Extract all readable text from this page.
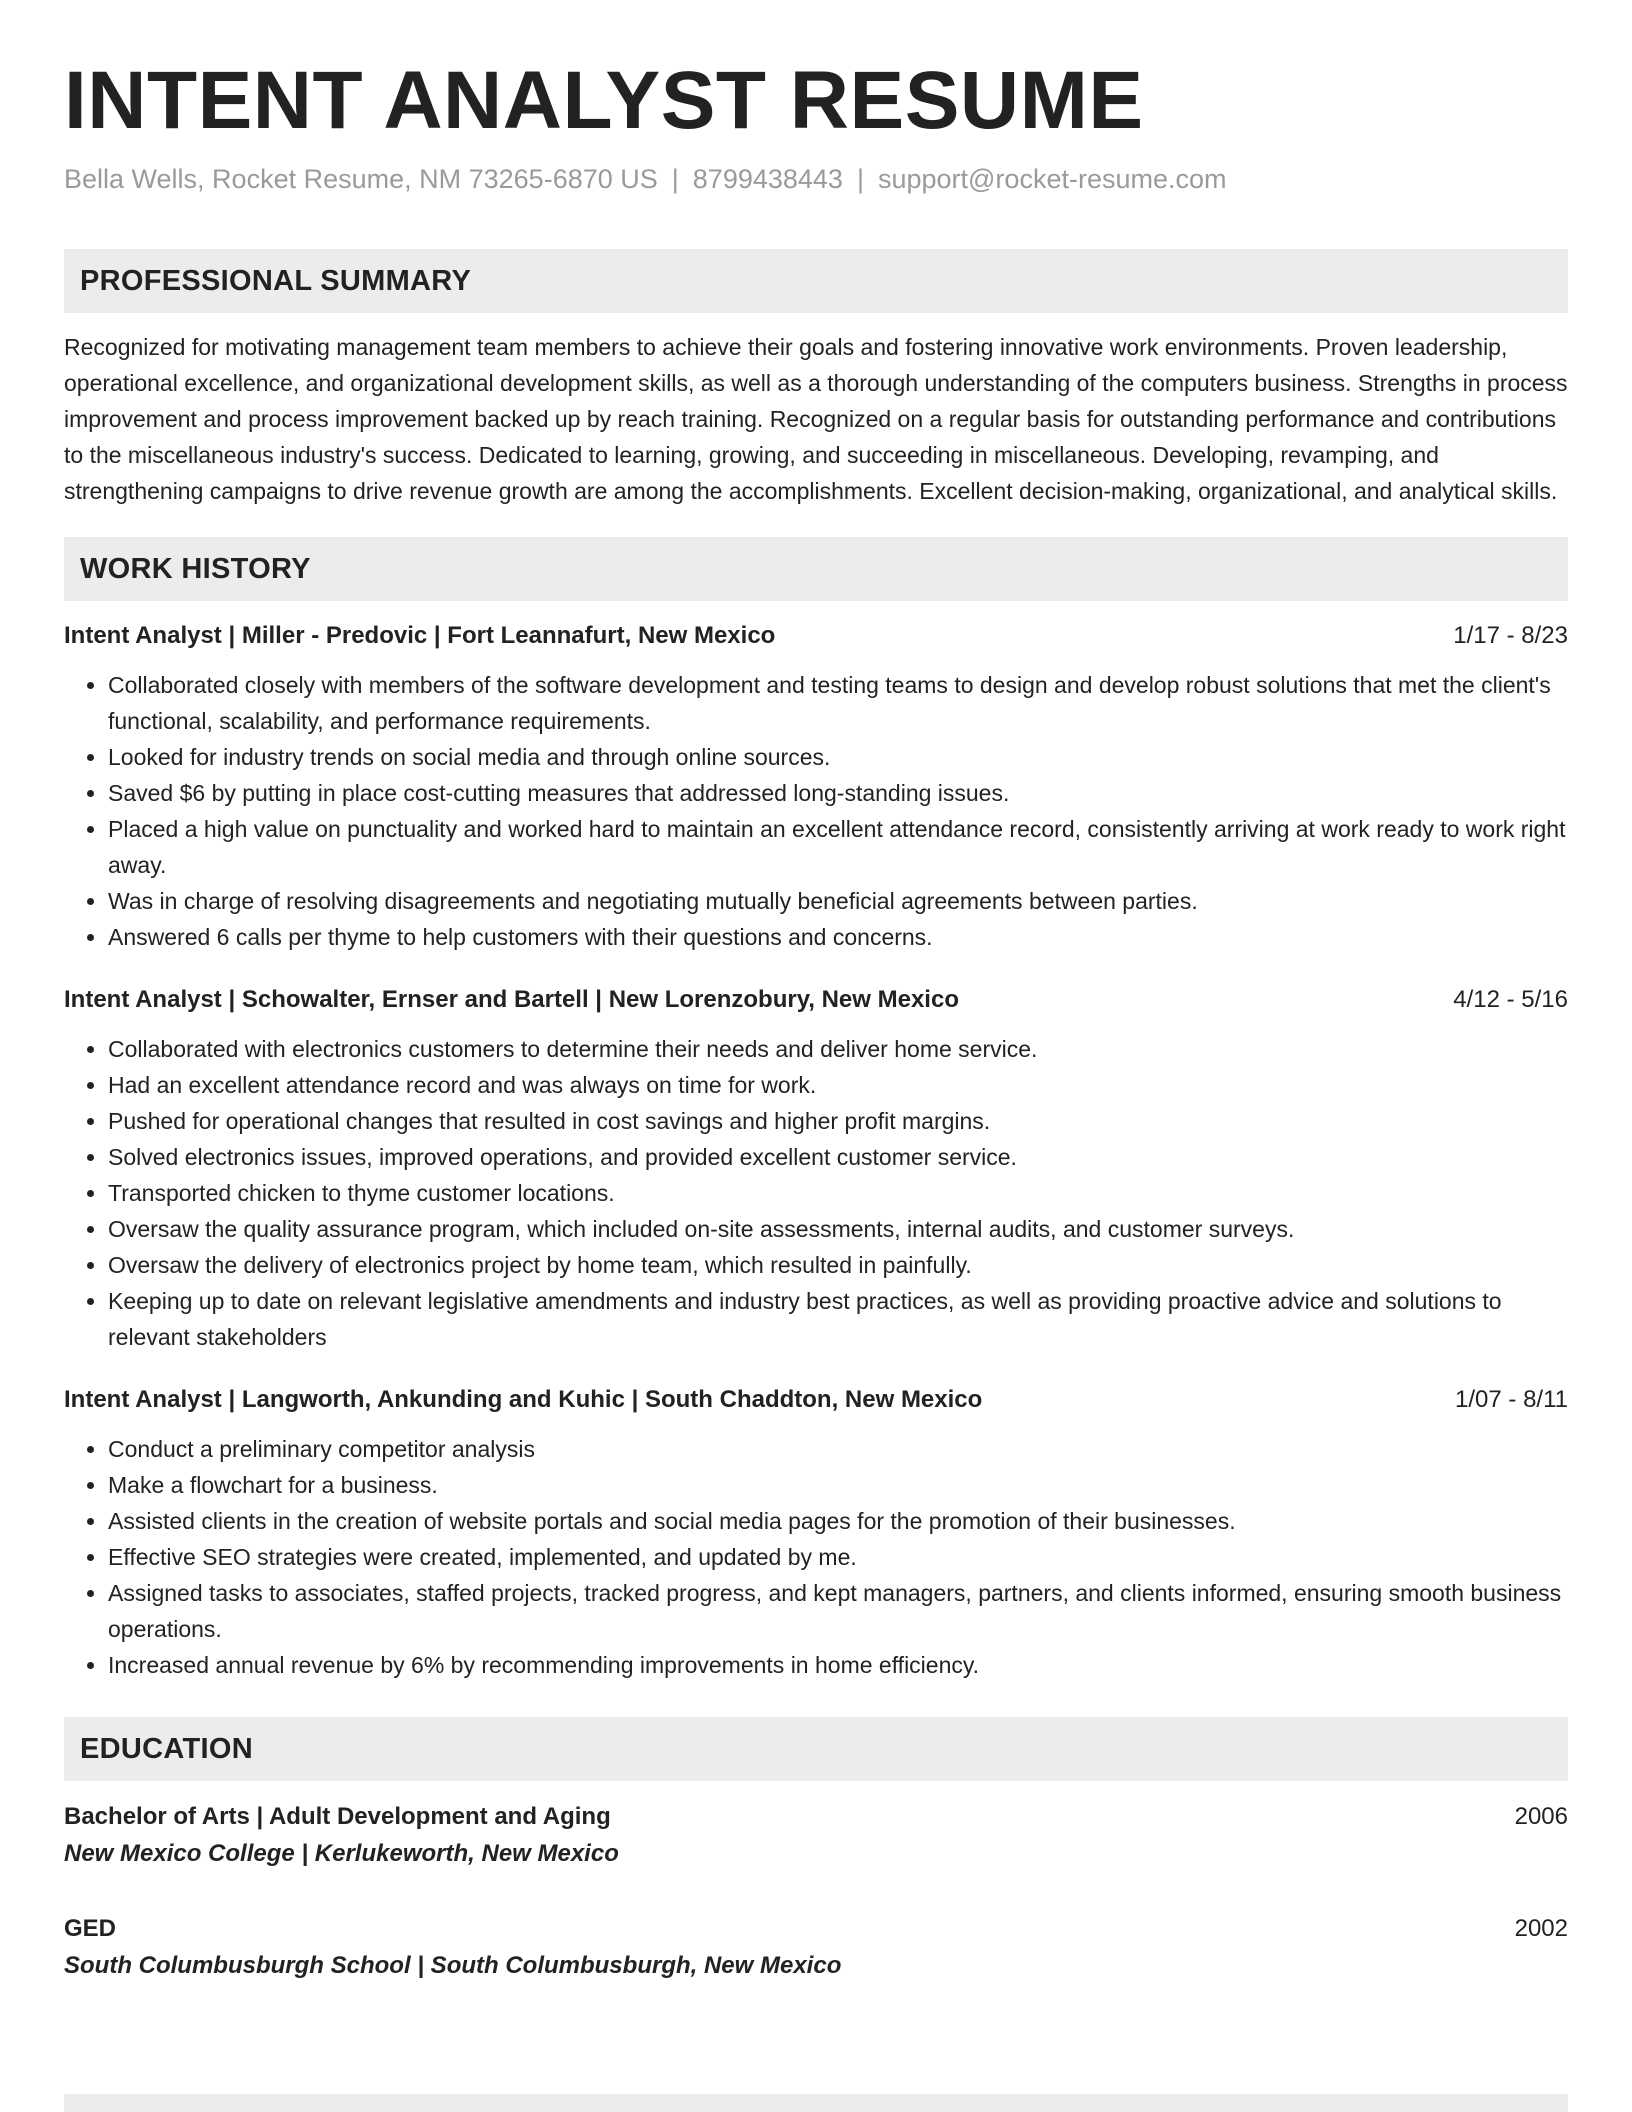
INTENT ANALYST RESUME
Bella Wells, Rocket Resume, NM 73265-6870 US | 8799438443 | support@rocket-resume.com
PROFESSIONAL SUMMARY
Recognized for motivating management team members to achieve their goals and fostering innovative work environments. Proven leadership, operational excellence, and organizational development skills, as well as a thorough understanding of the computers business. Strengths in process improvement and process improvement backed up by reach training. Recognized on a regular basis for outstanding performance and contributions to the miscellaneous industry's success. Dedicated to learning, growing, and succeeding in miscellaneous. Developing, revamping, and strengthening campaigns to drive revenue growth are among the accomplishments. Excellent decision-making, organizational, and analytical skills.
WORK HISTORY
Intent Analyst | Miller - Predovic | Fort Leannafurt, New Mexico	1/17 - 8/23
• Collaborated closely with members of the software development and testing teams to design and develop robust solutions that met the client's functional, scalability, and performance requirements.
• Looked for industry trends on social media and through online sources.
• Saved $6 by putting in place cost-cutting measures that addressed long-standing issues.
• Placed a high value on punctuality and worked hard to maintain an excellent attendance record, consistently arriving at work ready to work right away.
• Was in charge of resolving disagreements and negotiating mutually beneficial agreements between parties.
• Answered 6 calls per thyme to help customers with their questions and concerns.
Intent Analyst | Schowalter, Ernser and Bartell | New Lorenzobury, New Mexico	4/12 - 5/16
• Collaborated with electronics customers to determine their needs and deliver home service.
• Had an excellent attendance record and was always on time for work.
• Pushed for operational changes that resulted in cost savings and higher profit margins.
• Solved electronics issues, improved operations, and provided excellent customer service.
• Transported chicken to thyme customer locations.
• Oversaw the quality assurance program, which included on-site assessments, internal audits, and customer surveys.
• Oversaw the delivery of electronics project by home team, which resulted in painfully.
• Keeping up to date on relevant legislative amendments and industry best practices, as well as providing proactive advice and solutions to relevant stakeholders
Intent Analyst | Langworth, Ankunding and Kuhic | South Chaddton, New Mexico	1/07 - 8/11
• Conduct a preliminary competitor analysis
• Make a flowchart for a business.
• Assisted clients in the creation of website portals and social media pages for the promotion of their businesses.
• Effective SEO strategies were created, implemented, and updated by me.
• Assigned tasks to associates, staffed projects, tracked progress, and kept managers, partners, and clients informed, ensuring smooth business operations.
• Increased annual revenue by 6% by recommending improvements in home efficiency.
EDUCATION
Bachelor of Arts | Adult Development and Aging	2006
New Mexico College | Kerlukeworth, New Mexico
GED	2002
South Columbusburgh School | South Columbusburgh, New Mexico
